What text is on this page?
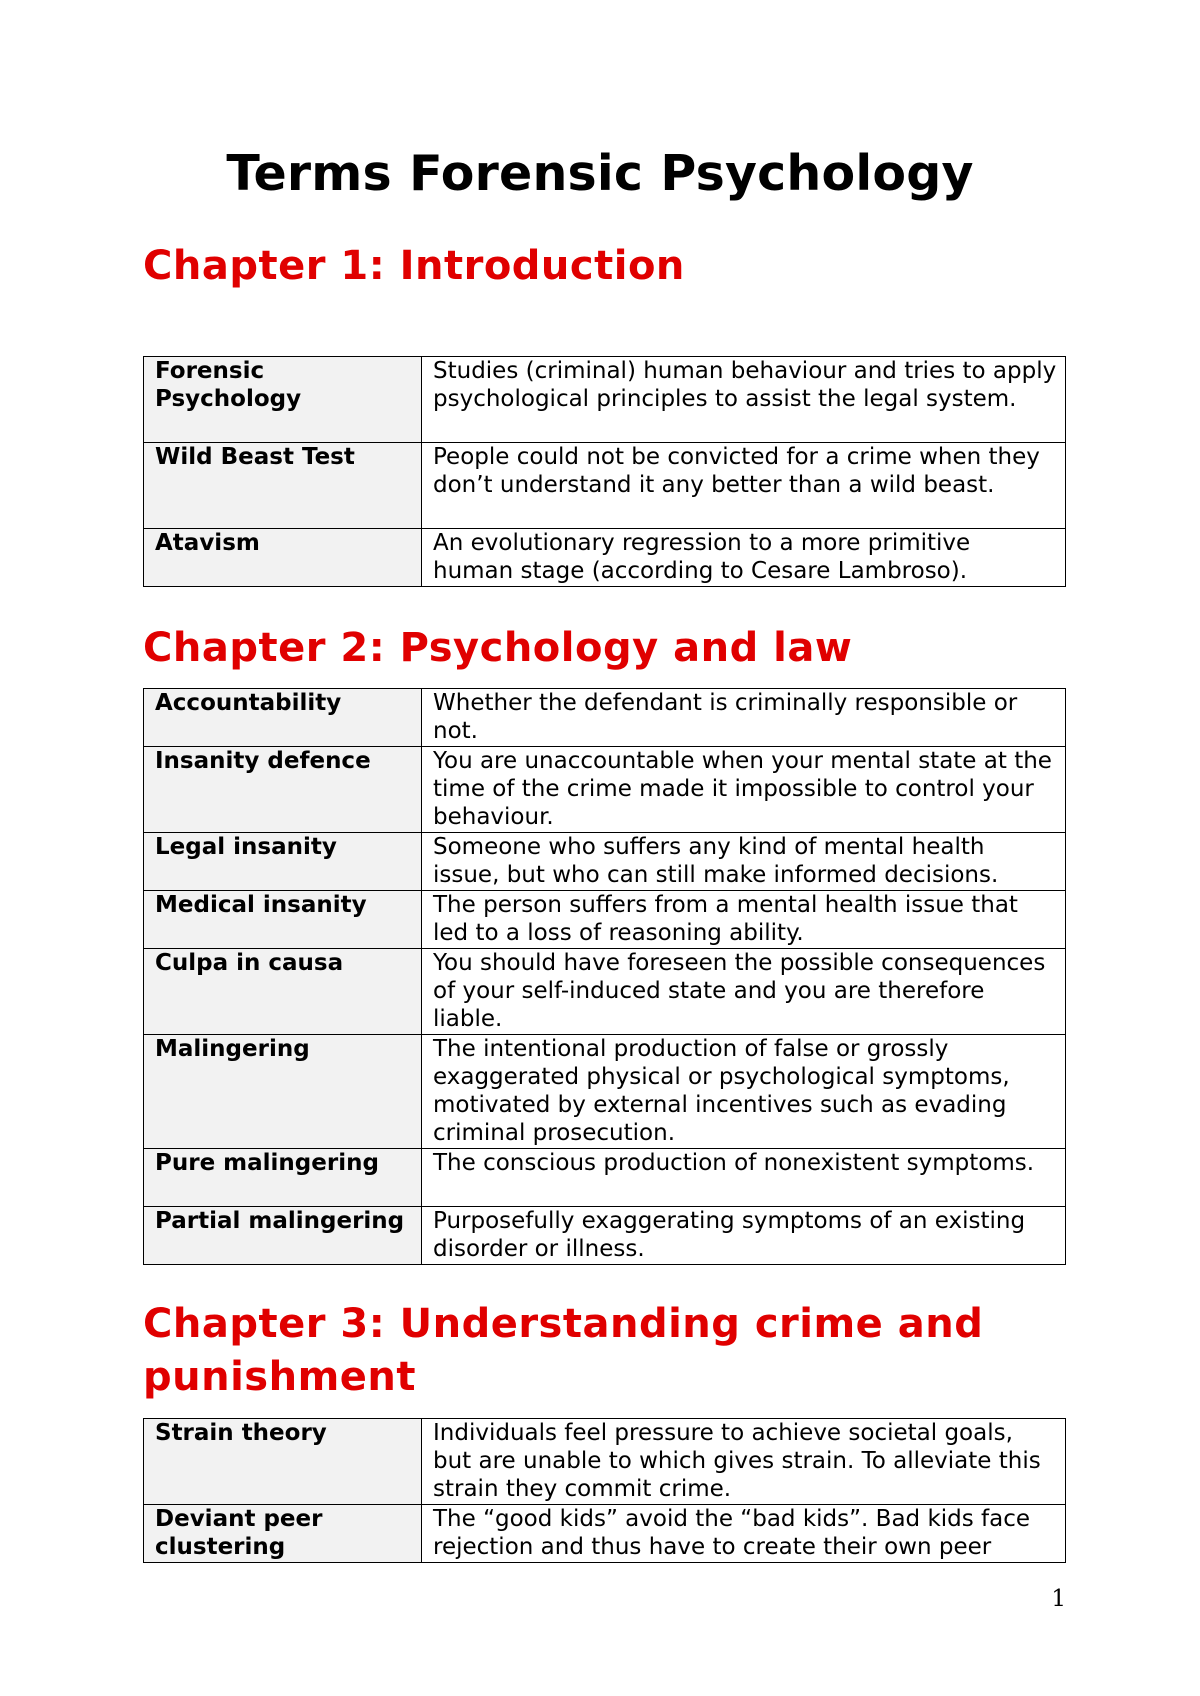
Terms Forensic Psychology
Chapter 1: Introduction
Forensic Psychology	Studies (criminal) human behaviour and tries to apply psychological principles to assist the legal system.
Wild Beast Test	People could not be convicted for a crime when they don’t understand it any better than a wild beast.
Atavism	An evolutionary regression to a more primitive human stage (according to Cesare Lambroso).
Chapter 2: Psychology and law
Accountability	Whether the defendant is criminally responsible or not.
Insanity defence	You are unaccountable when your mental state at the time of the crime made it impossible to control your behaviour.
Legal insanity	Someone who suffers any kind of mental health issue, but who can still make informed decisions.
Medical insanity	The person suffers from a mental health issue that led to a loss of reasoning ability.
Culpa in causa	You should have foreseen the possible consequences of your self-induced state and you are therefore liable.
Malingering	The intentional production of false or grossly exaggerated physical or psychological symptoms, motivated by external incentives such as evading criminal prosecution.
Pure malingering	The conscious production of nonexistent symptoms.
Partial malingering	Purposefully exaggerating symptoms of an existing disorder or illness.
Chapter 3: Understanding crime and punishment
Strain theory	Individuals feel pressure to achieve societal goals, but are unable to which gives strain. To alleviate this strain they commit crime.
Deviant peer clustering	The “good kids” avoid the “bad kids”. Bad kids face rejection and thus have to create their own peer
1
